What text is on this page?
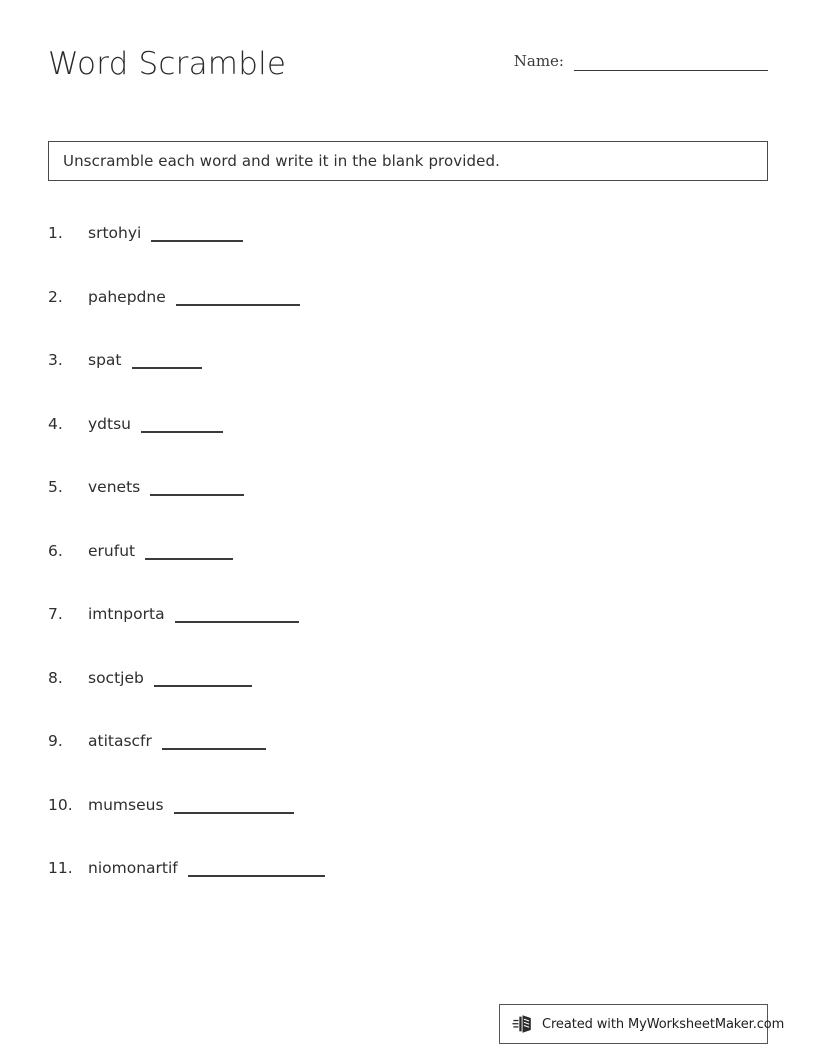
Word Scramble	Name:
Unscramble each word and write it in the blank provided.
1.	srtohyi
2.	pahepdne
3.	spat
4.	ydtsu
5.	venets
6.	erufut
7.	imtnporta
8.	soctjeb
9.	atitascfr
10. mumseus
11. niomonartif
Created with MyWorksheetMaker.com
